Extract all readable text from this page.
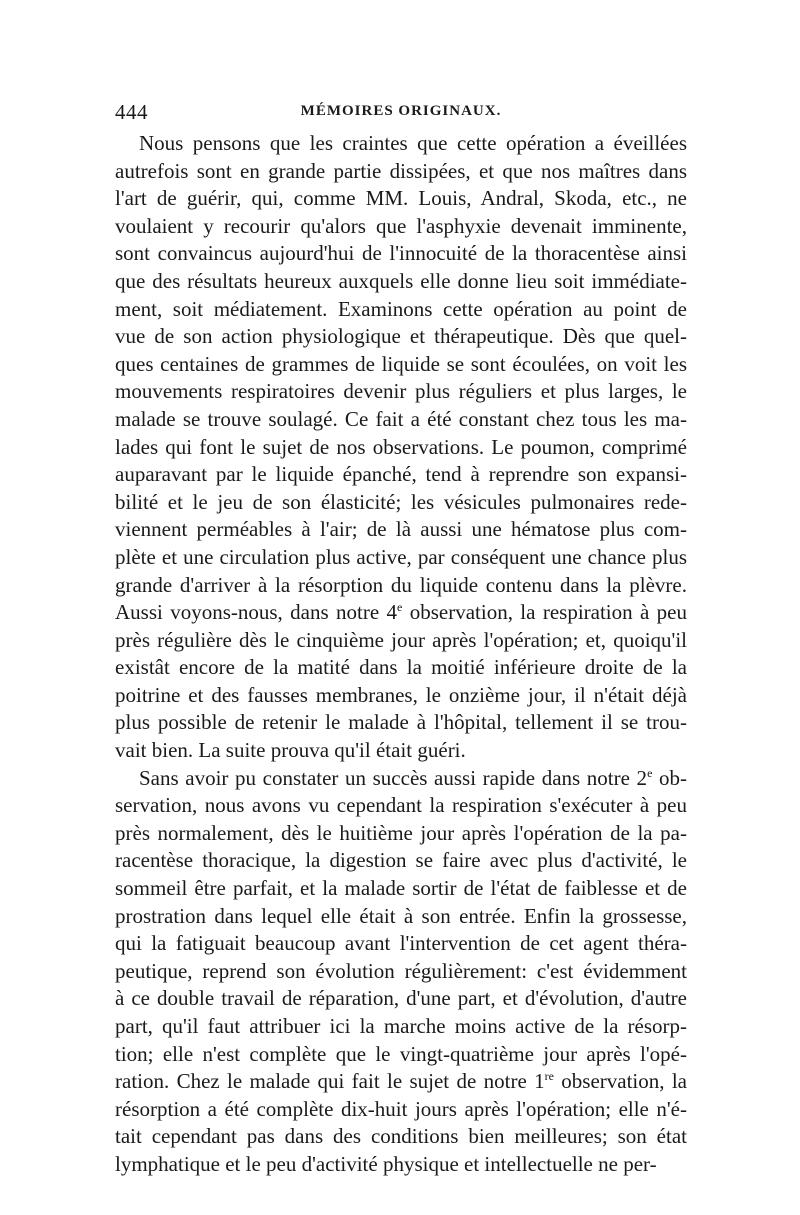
444	MÉMOIRES ORIGINAUX.
Nous pensons que les craintes que cette opération a éveillées
autrefois sont en grande partie dissipées, et que nos maîtres dans
l'art de guérir, qui, comme MM. Louis, Andral, Skoda, etc., ne
voulaient y recourir qu'alors que l'asphyxie devenait imminente,
sont convaincus aujourd'hui de l'innocuité de la thoracentèse ainsi
que des résultats heureux auxquels elle donne lieu soit immédiate-
ment, soit médiatement. Examinons cette opération au point de
vue de son action physiologique et thérapeutique. Dès que quel-
ques centaines de grammes de liquide se sont écoulées, on voit les
mouvements respiratoires devenir plus réguliers et plus larges, le
malade se trouve soulagé. Ce fait a été constant chez tous les ma-
lades qui font le sujet de nos observations. Le poumon, comprimé
auparavant par le liquide épanché, tend à reprendre son expansi-
bilité et le jeu de son élasticité; les vésicules pulmonaires rede-
viennent perméables à l'air; de là aussi une hématose plus com-
plète et une circulation plus active, par conséquent une chance plus
grande d'arriver à la résorption du liquide contenu dans la plèvre.
Aussi voyons-nous, dans notre 4e observation, la respiration à peu
près régulière dès le cinquième jour après l'opération; et, quoiqu'il
existât encore de la matité dans la moitié inférieure droite de la
poitrine et des fausses membranes, le onzième jour, il n'était déjà
plus possible de retenir le malade à l'hôpital, tellement il se trou-
vait bien. La suite prouva qu'il était guéri.
Sans avoir pu constater un succès aussi rapide dans notre 2e ob-
servation, nous avons vu cependant la respiration s'exécuter à peu
près normalement, dès le huitième jour après l'opération de la pa-
racentèse thoracique, la digestion se faire avec plus d'activité, le
sommeil être parfait, et la malade sortir de l'état de faiblesse et de
prostration dans lequel elle était à son entrée. Enfin la grossesse,
qui la fatiguait beaucoup avant l'intervention de cet agent théra-
peutique, reprend son évolution régulièrement: c'est évidemment
à ce double travail de réparation, d'une part, et d'évolution, d'autre
part, qu'il faut attribuer ici la marche moins active de la résorp-
tion; elle n'est complète que le vingt-quatrième jour après l'opé-
ration. Chez le malade qui fait le sujet de notre 1re observation, la
résorption a été complète dix-huit jours après l'opération; elle n'é-
tait cependant pas dans des conditions bien meilleures; son état
lymphatique et le peu d'activité physique et intellectuelle ne per-
